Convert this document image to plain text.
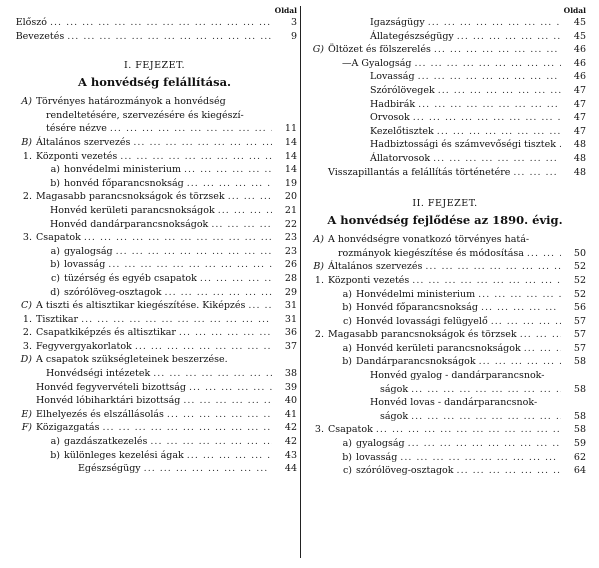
Oldal
Előszó ... .	3
Bevezetés ... .	9
I. FEJEZET.
A honvédség felállítása.
A) Törvényes határozmányok a honvédség
rendeltetésére, szervezésére és kiegészí-
tésére nézve ... .	11
B) Általános szervezés ... .	14
1. Központi vezetés ... .	14
a) honvédelmi ministerium ... .	14
b) honvéd főparancsnokság ... .	19
2. Magasabb parancsnokságok és törzsek ... .	20
Honvéd kerületi parancsnokságok ... .	21
Honvéd dandárparancsnokságok ... .	22
3. Csapatok ... .	23
a) gyalogság ... .	23
b) lovasság ... .	26
c) tüzérség és egyéb csapatok ... .	28
d) szórólöveg-osztagok ... .	29
C) A tiszti és altisztikar kiegészítése. Kiképzés ... .	31
1. Tisztikar ... .	31
2. Csapatkiképzés és altisztikar ... .	36
3. Fegyvergyakorlatok ... .	37
D) A csapatok szükségleteinek beszerzése.
Honvédségi intézetek ... .	38
Honvéd fegyvervételi bizottság ... .	39
Honvéd lóbiharktári bizottság ... .	40
E) Elhelyezés és elszállásolás ... .	41
F) Közigazgatás ... .	42
a) gazdászatkezelés ... .	42
b) különleges kezelési ágak ... .	43
Egészségügy ... .	44
Oldal
Igazságügy ... .	45
Állategészségügy ... .	45
G) Öltözet és fölszerelés ... .	46
—A Gyalogság ... .	46
Lovasság ... .	46
Szórólövegek ... .	47
Hadbirák ... .	47
Orvosok ... .	47
Kezelőtisztek ... .	47
Hadbiztossági és számvevőségi tisztek ... .	48
Állatorvosok ... .	48
Visszapillantás a felállítás történetére ... .	48
II. FEJEZET.
A honvédség fejlődése az 1890. évig.
A) A honvédségre vonatkozó törvényes hatá-
rozmányok kiegészítése és módosítása ... .	50
B) Általános szervezés ... .	52
1. Központi vezetés ... .	52
a) Honvédelmi ministerium ... .	52
b) Honvéd főparancsnokság ... .	56
c) Honvéd lovassági felügyelő ... .	57
2. Magasabb parancsnokságok és törzsek ... .	57
a) Honvéd kerületi parancsnokságok ... .	57
b) Dandárparancsnokságok ... .	58
Honvéd gyalog - dandárparancsnok-
ságok ... .	58
Honvéd lovas - dandárparancsnok-
ságok ... .	58
3. Csapatok ... .	58
a) gyalogság ... .	59
b) lovasság ... .	62
c) szórólöveg-osztagok ... .	64
